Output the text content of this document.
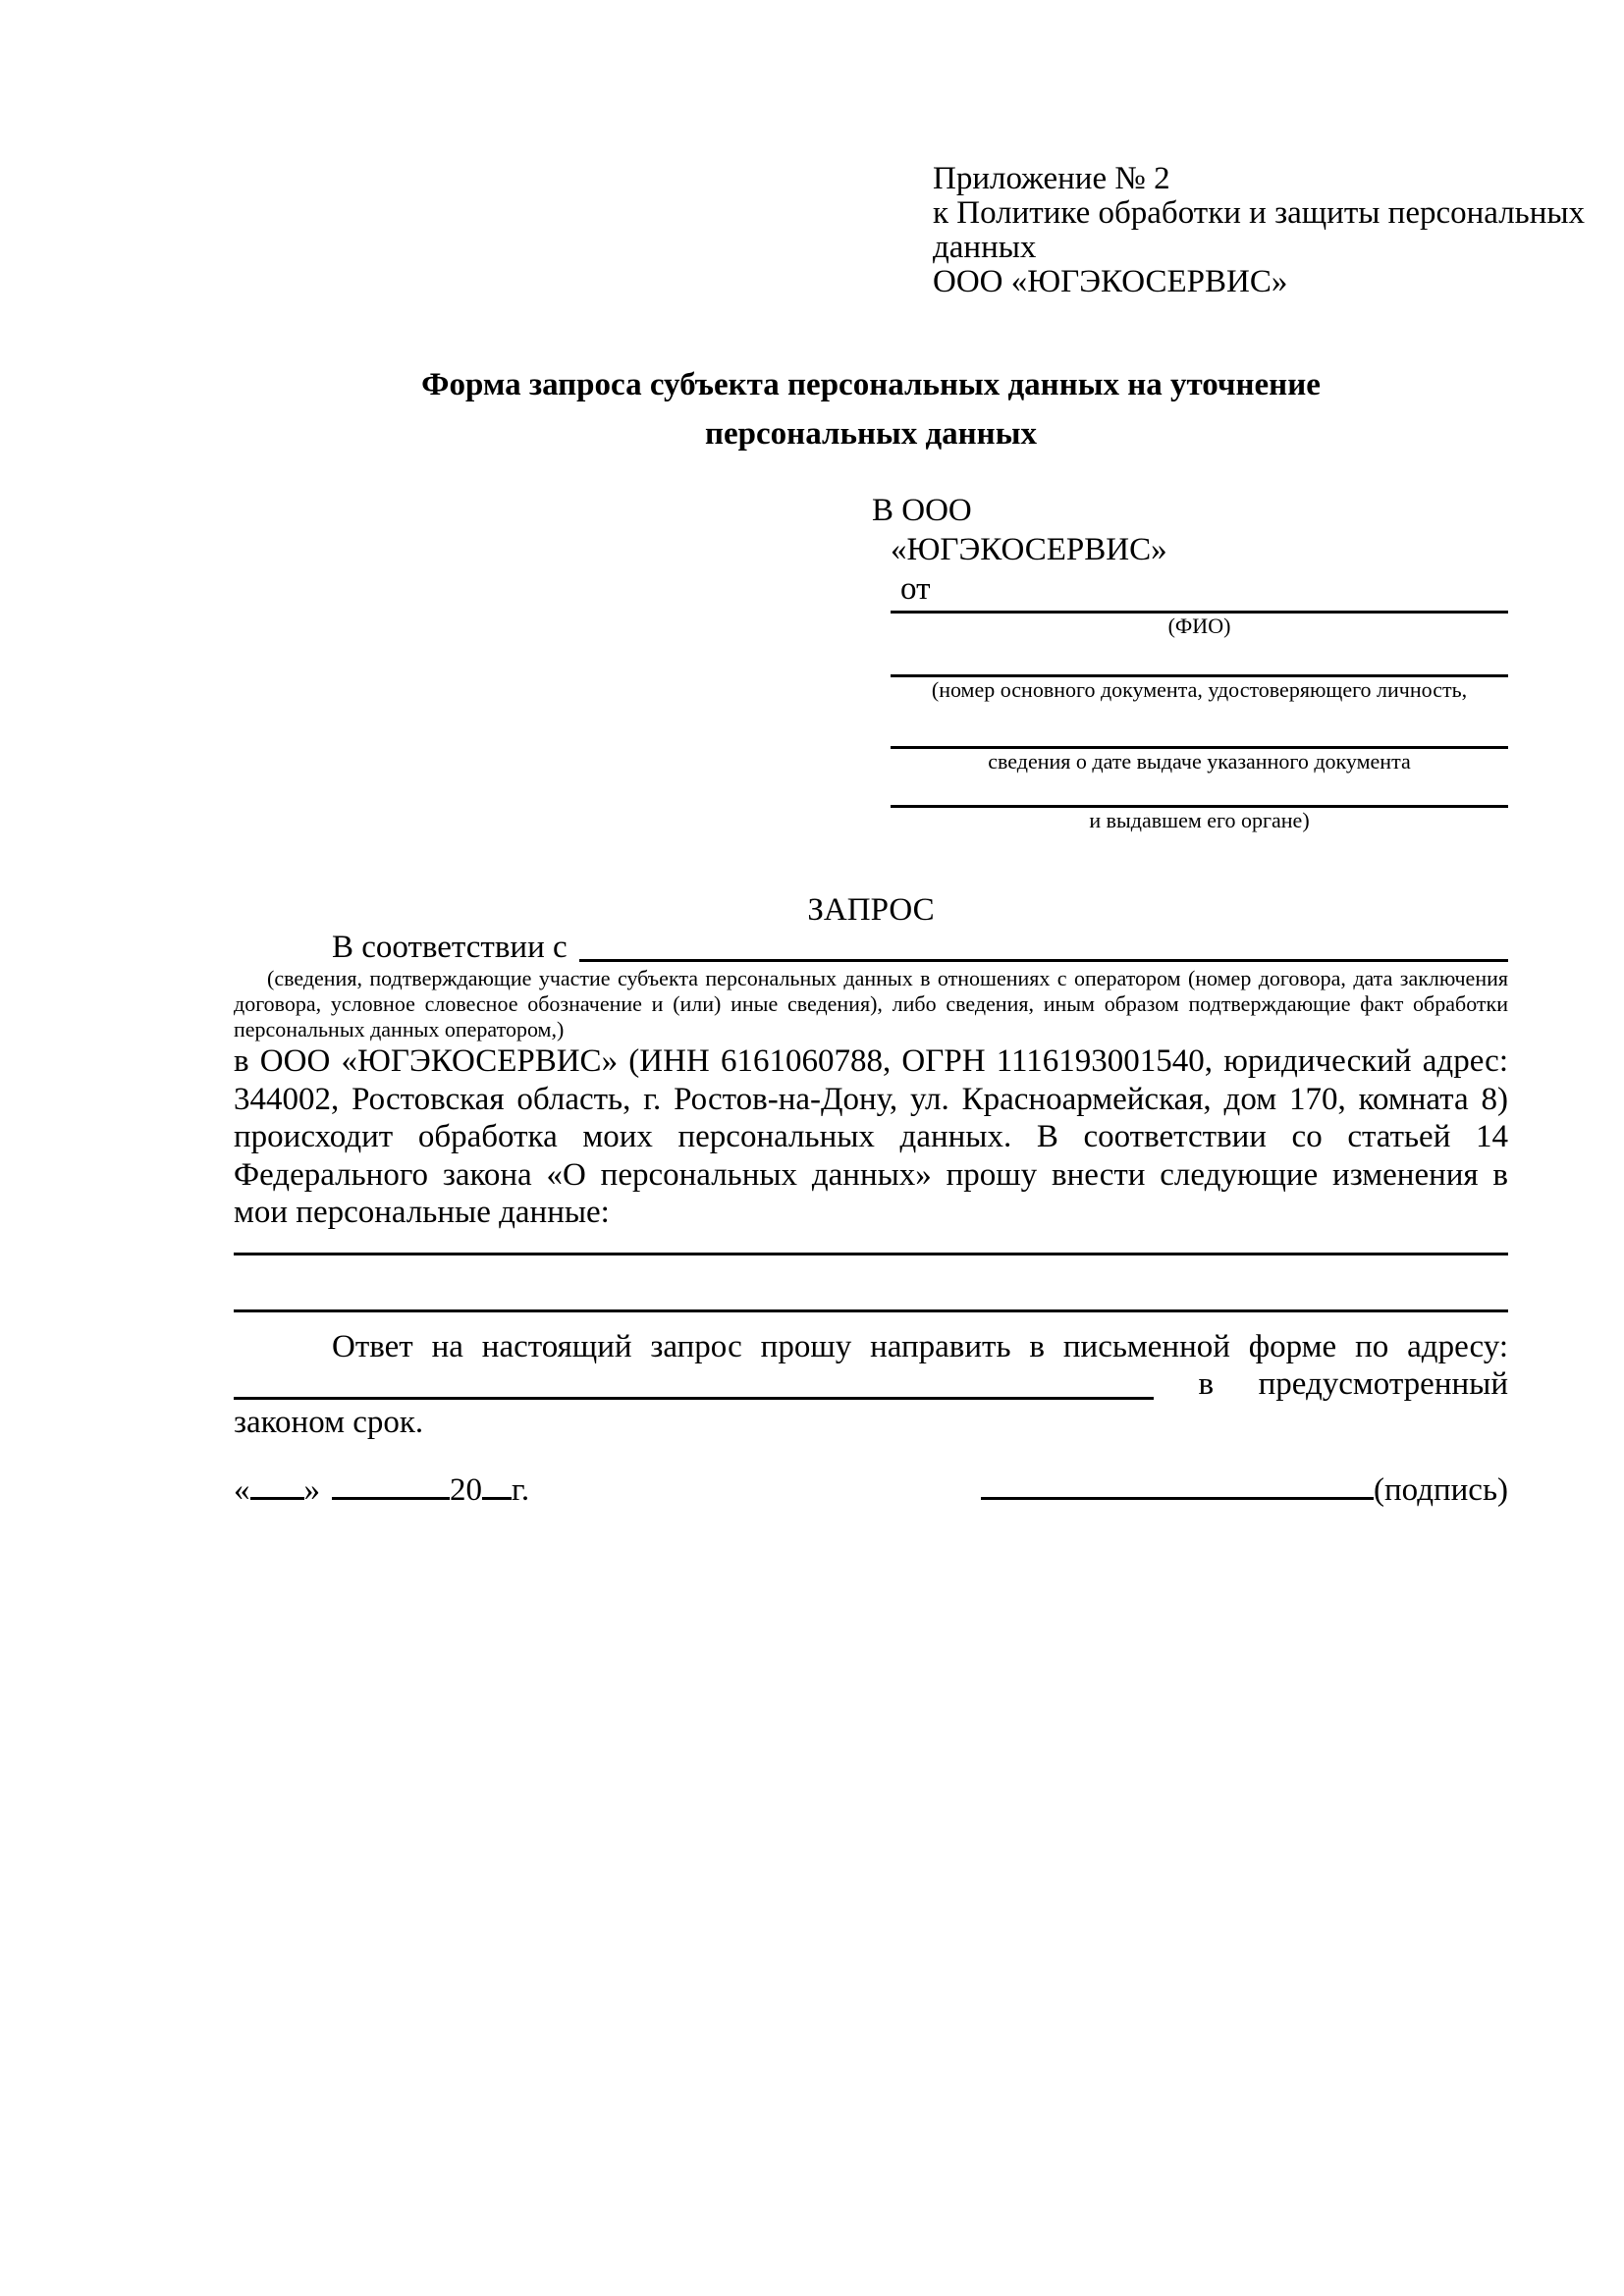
Приложение № 2
к Политике обработки и защиты персональных
данных
ООО «ЮГЭКОСЕРВИС»
Форма запроса субъекта персональных данных на уточнение персональных данных
В ООО
«ЮГЭКОСЕРВИС»
от
(ФИО)
(номер основного документа, удостоверяющего личность,
сведения о дате выдаче указанного документа
и выдавшем его органе)
ЗАПРОС
В соответствии с

(сведения, подтверждающие участие субъекта персональных данных в отношениях с оператором (номер договора, дата заключения договора, условное словесное обозначение и (или) иные сведения), либо сведения, иным образом подтверждающие факт обработки персональных данных оператором,)

в ООО «ЮГЭКОСЕРВИС» (ИНН 6161060788, ОГРН 1116193001540, юридический адрес: 344002, Ростовская область, г. Ростов-на-Дону, ул. Красноармейская, дом 170, комната 8) происходит обработка моих персональных данных. В соответствии со статьей 14 Федерального закона «О персональных данных» прошу внести следующие изменения в мои персональные данные:

Ответ на настоящий запрос прошу направить в письменной форме по адресу:

в предусмотренный

законом срок.

« »	20 г.	(подпись)
